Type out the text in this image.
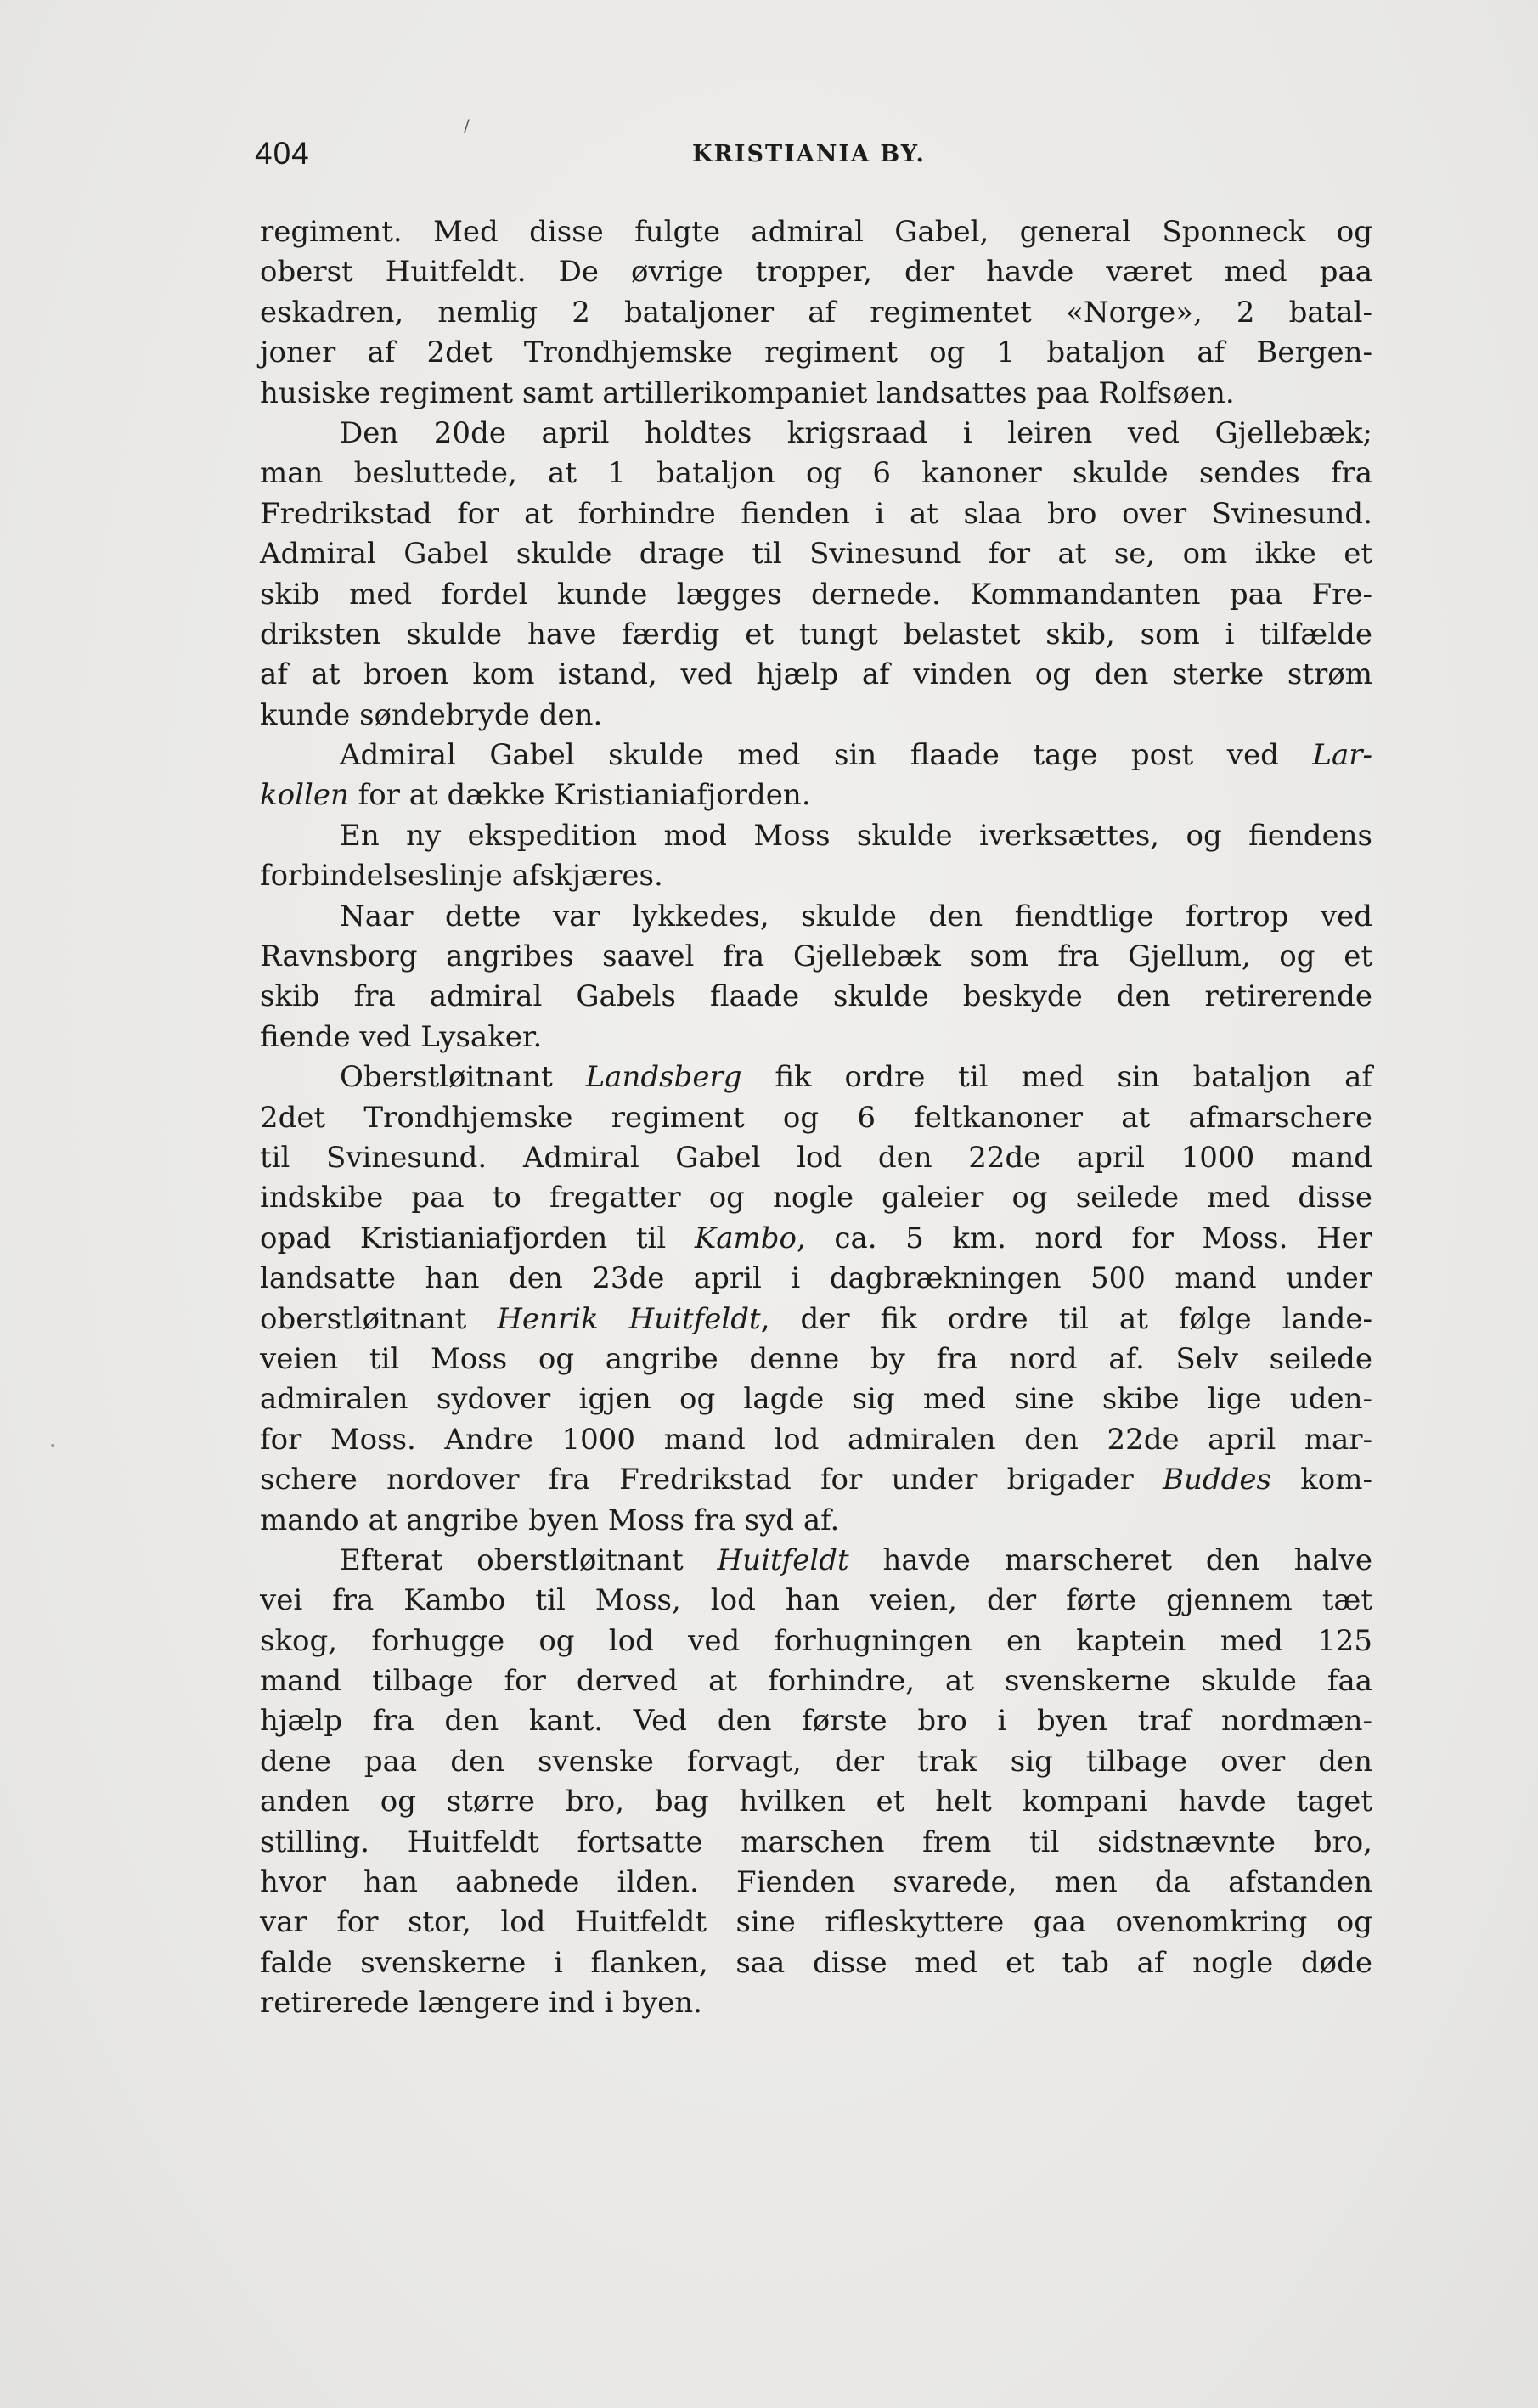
/
404	KRISTIANIA BY.
regiment. Med disse fulgte admiral Gabel, general Sponneck og
oberst Huitfeldt. De øvrige tropper, der havde været med paa
eskadren, nemlig 2 bataljoner af regimentet «Norge», 2 batal-
joner af 2det Trondhjemske regiment og 1 bataljon af Bergen-
husiske regiment samt artillerikompaniet landsattes paa Rolfsøen.
Den 20de april holdtes krigsraad i leiren ved Gjellebæk;
man besluttede, at 1 bataljon og 6 kanoner skulde sendes fra
Fredrikstad for at forhindre fienden i at slaa bro over Svinesund.
Admiral Gabel skulde drage til Svinesund for at se, om ikke et
skib med fordel kunde lægges dernede. Kommandanten paa Fre-
driksten skulde have færdig et tungt belastet skib, som i tilfælde
af at broen kom istand, ved hjælp af vinden og den sterke strøm
kunde søndebryde den.
Admiral Gabel skulde med sin flaade tage post ved Lar-
kollen for at dække Kristianiafjorden.
En ny ekspedition mod Moss skulde iverksættes, og fiendens
forbindelseslinje afskjæres.
Naar dette var lykkedes, skulde den fiendtlige fortrop ved
Ravnsborg angribes saavel fra Gjellebæk som fra Gjellum, og et
skib fra admiral Gabels flaade skulde beskyde den retirerende
fiende ved Lysaker.
Oberstløitnant Landsberg fik ordre til med sin bataljon af
2det Trondhjemske regiment og 6 feltkanoner at afmarschere
til Svinesund. Admiral Gabel lod den 22de april 1000 mand
indskibe paa to fregatter og nogle galeier og seilede med disse
opad Kristianiafjorden til Kambo, ca. 5 km. nord for Moss. Her
landsatte han den 23de april i dagbrækningen 500 mand under
oberstløitnant Henrik Huitfeldt, der fik ordre til at følge lande-
veien til Moss og angribe denne by fra nord af. Selv seilede
admiralen sydover igjen og lagde sig med sine skibe lige uden-
for Moss. Andre 1000 mand lod admiralen den 22de april mar-
schere nordover fra Fredrikstad for under brigader Buddes kom-
mando at angribe byen Moss fra syd af.
Efterat oberstløitnant Huitfeldt havde marscheret den halve
vei fra Kambo til Moss, lod han veien, der førte gjennem tæt
skog, forhugge og lod ved forhugningen en kaptein med 125
mand tilbage for derved at forhindre, at svenskerne skulde faa
hjælp fra den kant. Ved den første bro i byen traf nordmæn-
dene paa den svenske forvagt, der trak sig tilbage over den
anden og større bro, bag hvilken et helt kompani havde taget
stilling. Huitfeldt fortsatte marschen frem til sidstnævnte bro,
hvor han aabnede ilden. Fienden svarede, men da afstanden
var for stor, lod Huitfeldt sine rifleskyttere gaa ovenomkring og
falde svenskerne i flanken, saa disse med et tab af nogle døde
retirerede længere ind i byen.
